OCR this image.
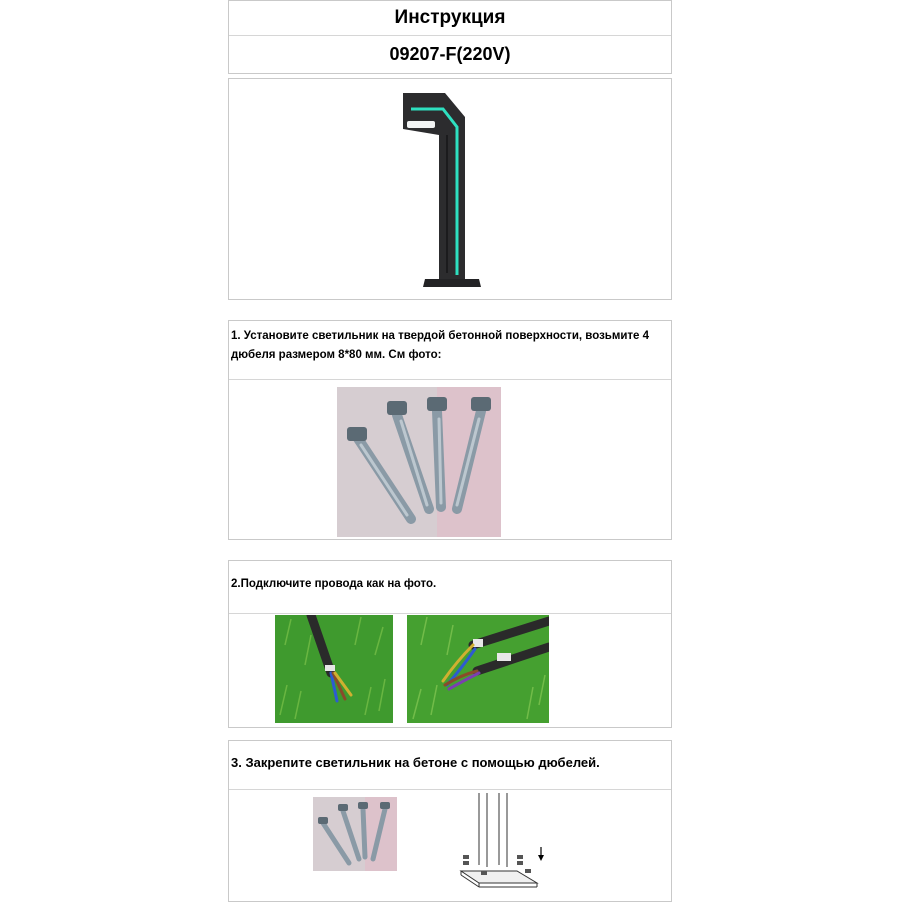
Инструкция
09207-F(220V)
1. Установите светильник на твердой бетонной поверхности, возьмите 4 дюбеля размером 8*80 мм. См фото:
2.Подключите провода как на фото.
3. Закрепите светильник на бетоне с помощью дюбелей.
